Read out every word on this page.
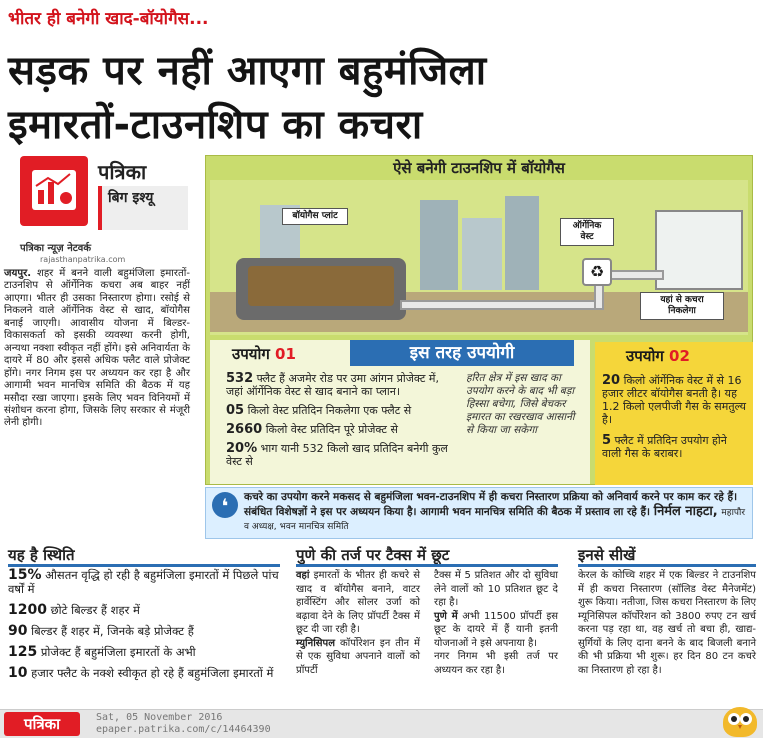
भीतर ही बनेगी खाद-बॉयोगैस...
सड़क पर नहीं आएगा बहुमंजिला
इमारतों-टाउनशिप का कचरा
पत्रिका
बिग इश्यू
पत्रिका न्यूज़ नेटवर्क
rajasthanpatrika.com
जयपुर. शहर में बनने वाली बहुमंजिला इमारतों-टाउनशिप से ऑर्गेनिक कचरा अब बाहर नहीं आएगा। भीतर ही उसका निस्तारण होगा। रसोई से निकलने वाले ऑर्गेनिक वेस्ट से खाद, बॉयोगैस बनाई जाएगी। आवासीय योजना में बिल्डर-विकासकर्ता को इसकी व्यवस्था करनी होगी, अन्यथा नक्शा स्वीकृत नहीं होंगे। इसे अनिवार्यता के दायरे में 80 और इससे अधिक फ्लैट वाले प्रोजेक्ट होंगे। नगर निगम इस पर अध्ययन कर रहा है और आगामी भवन मानचित्र समिति की बैठक में यह मसौदा रखा जाएगा। इसके लिए भवन विनियमों में संशोधन करना होगा, जिसके लिए सरकार से मंजूरी लेनी होगी।
ऐसे बनेगी टाउनशिप में बॉयोगैस
♻
बॉयोगैस प्लांट
ऑर्गेनिक वेस्ट
यहां से कचरा निकलेगा
उपयोग 01	इस तरह उपयोगी
532 फ्लैट हैं अजमेर रोड पर उमा आंगन प्रोजेक्ट में, जहां ऑर्गेनिक वेस्ट से खाद बनाने का प्लान।
05 किलो वेस्ट प्रतिदिन निकलेगा एक फ्लैट से
2660 किलो वेस्ट प्रतिदिन पूरे प्रोजेक्ट से
20% भाग यानी 532 किलो खाद प्रतिदिन बनेगी कुल वेस्ट से
हरित क्षेत्र में इस खाद का उपयोग करने के बाद भी बड़ा हिस्सा बचेगा, जिसे बेचकर इमारत का रखरखाव आसानी से किया जा सकेगा
उपयोग 02
20 किलो ऑर्गेनिक वेस्ट में से 16 हजार लीटर बॉयोगैस बनती है। यह 1.2 किलो एलपीजी गैस के समतुल्य है।
5 फ्लैट में प्रतिदिन उपयोग होने वाली गैस के बराबर।
❛	कचरे का उपयोग करने मकसद से बहुमंजिला भवन-टाउनशिप में ही कचरा निस्तारण प्रक्रिया को अनिवार्य करने पर काम कर रहे हैं। संबंधित विशेषज्ञों ने इस पर अध्ययन किया है। आगामी भवन मानचित्र समिति की बैठक में प्रस्ताव ला रहे हैं। निर्मल नाहटा, महापौर व अध्यक्ष, भवन मानचित्र समिति
यह है स्थिति
15% औसतन वृद्धि हो रही है बहुमंजिला इमारतों में पिछले पांच वर्षों में
1200 छोटे बिल्डर हैं शहर में
90 बिल्डर हैं शहर में, जिनके बड़े प्रोजेक्ट हैं
125 प्रोजेक्ट हैं बहुमंजिला इमारतों के अभी
10 हजार फ्लैट के नक्शे स्वीकृत हो रहे हैं बहुमंजिला इमारतों में
पुणे की तर्ज पर टैक्स में छूट
वहां इमारतों के भीतर ही कचरे से खाद व बॉयोगैस बनाने, वाटर हार्वेस्टिंग और सोलर उर्जा को बढ़ावा देने के लिए प्रॉपर्टी टैक्स में छूट दी जा रही है।
म्युनिसिपल कॉर्पोरेशन इन तीन में से एक सुविधा अपनाने वालों को प्रॉपर्टी
टैक्स में 5 प्रतिशत और दो सुविधा लेने वालों को 10 प्रतिशत छूट दे रहा है।
पुणे में अभी 11500 प्रॉपर्टी इस छूट के दायरे में हैं यानी इतनी योजनाओं ने इसे अपनाया है।
नगर निगम भी इसी तर्ज पर अध्ययन कर रहा है।
इनसे सीखें
केरल के कोच्चि शहर में एक बिल्डर ने टाउनशिप में ही कचरा निस्तारण (सॉलिड वेस्ट मैनेजमेंट) शुरू किया। नतीजा, जिस कचरा निस्तारण के लिए म्यूनिसिपल कॉर्पोरेशन को 3800 रुपए टन खर्च करना पड़ रहा था, वह खर्च तो बचा ही, खाद्य-सुर्गियों के लिए दाना बनने के बाद बिजली बनाने की भी प्रक्रिया भी शुरू। हर दिन 80 टन कचरे का निस्तारण हो रहा है।
पत्रिका	Sat, 05 November 2016
epaper.patrika.com/c/14464390
